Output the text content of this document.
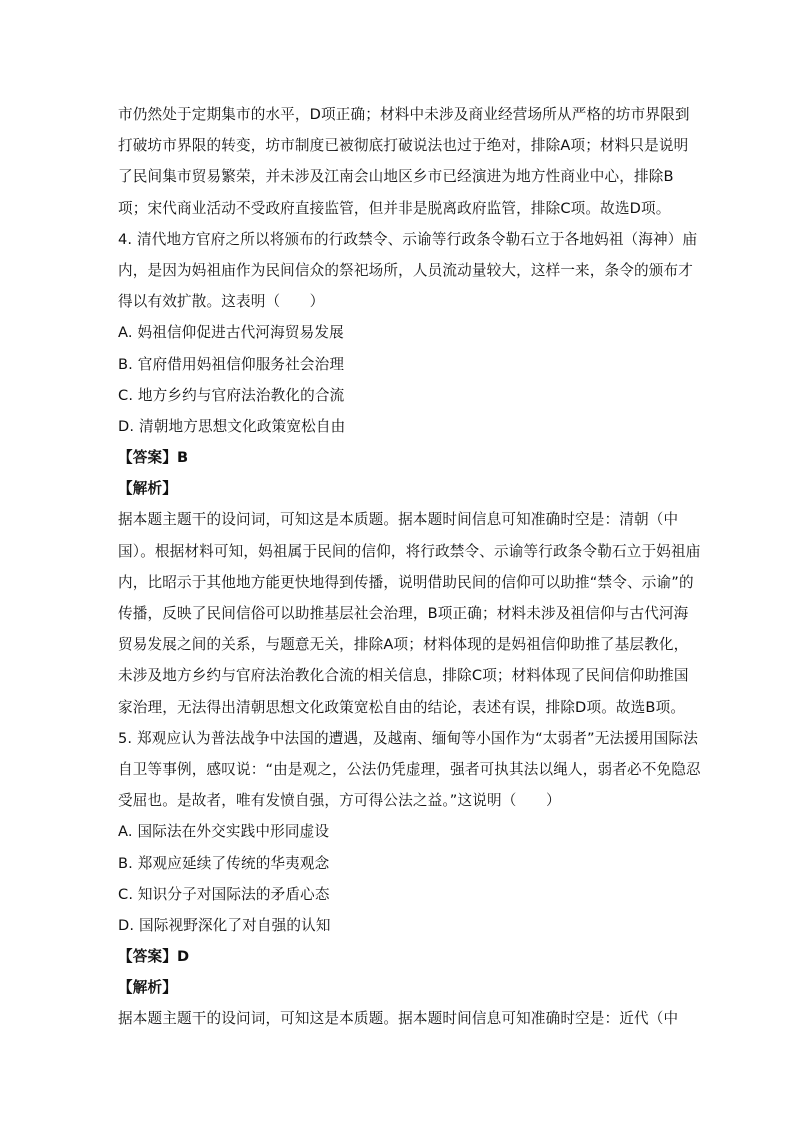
市仍然处于定期集市的水平，D项正确；材料中未涉及商业经营场所从严格的坊市界限到
打破坊市界限的转变，坊市制度已被彻底打破说法也过于绝对，排除A项；材料只是说明
了民间集市贸易繁荣，并未涉及江南会山地区乡市已经演进为地方性商业中心，排除B
项；宋代商业活动不受政府直接监管，但并非是脱离政府监管，排除C项。故选D项。
4. 清代地方官府之所以将颁布的行政禁令、示谕等行政条令勒石立于各地妈祖（海神）庙
内，是因为妈祖庙作为民间信众的祭祀场所，人员流动量较大，这样一来，条令的颁布才
得以有效扩散。这表明（　　）
A. 妈祖信仰促进古代河海贸易发展
B. 官府借用妈祖信仰服务社会治理
C. 地方乡约与官府法治教化的合流
D. 清朝地方思想文化政策宽松自由
【答案】B
【解析】
据本题主题干的设问词，可知这是本质题。据本题时间信息可知准确时空是：清朝（中
国）。根据材料可知，妈祖属于民间的信仰，将行政禁令、示谕等行政条令勒石立于妈祖庙
内，比昭示于其他地方能更快地得到传播，说明借助民间的信仰可以助推“禁令、示谕”的
传播，反映了民间信俗可以助推基层社会治理，B项正确；材料未涉及祖信仰与古代河海
贸易发展之间的关系，与题意无关，排除A项；材料体现的是妈祖信仰助推了基层教化，
未涉及地方乡约与官府法治教化合流的相关信息，排除C项；材料体现了民间信仰助推国
家治理，无法得出清朝思想文化政策宽松自由的结论，表述有误，排除D项。故选B项。
5. 郑观应认为普法战争中法国的遭遇，及越南、缅甸等小国作为“太弱者”无法援用国际法
自卫等事例，感叹说：“由是观之，公法仍凭虚理，强者可执其法以绳人，弱者必不免隐忍
受屈也。是故者，唯有发愤自强，方可得公法之益。”这说明（　　）
A. 国际法在外交实践中形同虚设
B. 郑观应延续了传统的华夷观念
C. 知识分子对国际法的矛盾心态
D. 国际视野深化了对自强的认知
【答案】D
【解析】
据本题主题干的设问词，可知这是本质题。据本题时间信息可知准确时空是：近代（中
